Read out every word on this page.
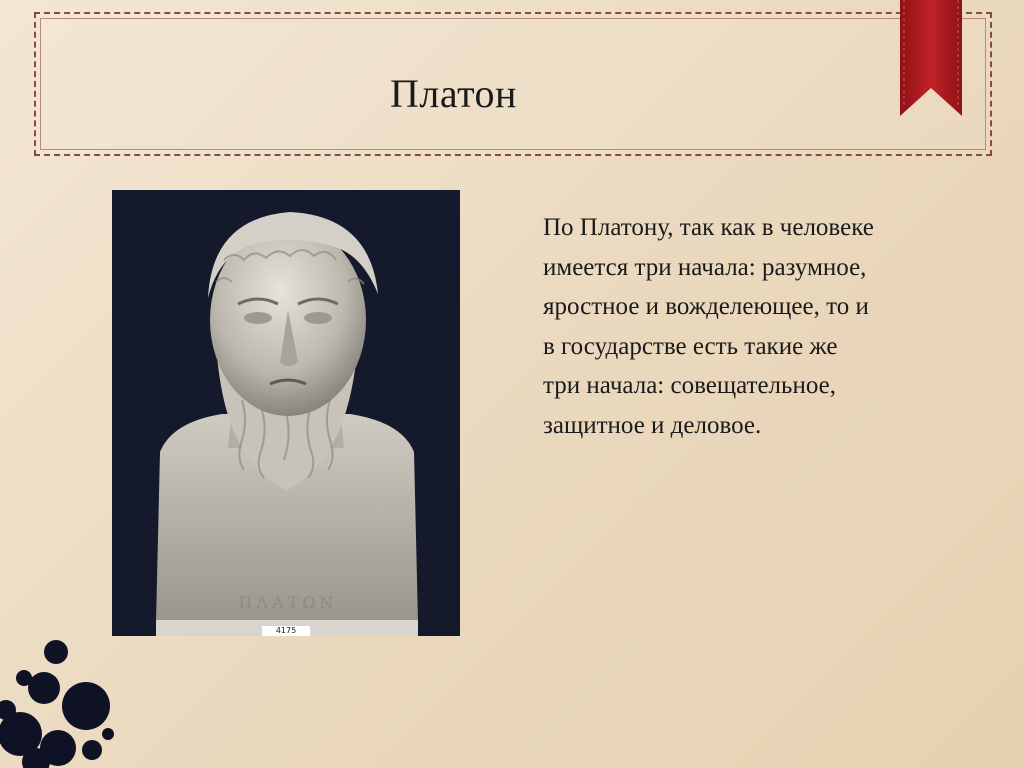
Платон
ΠΛΑΤΩΝ
4175

По Платону, так как в человеке
имеется три начала: разумное,
яростное и вожделеющее, то и
в государстве есть такие же
три начала: совещательное,
защитное и деловое.
